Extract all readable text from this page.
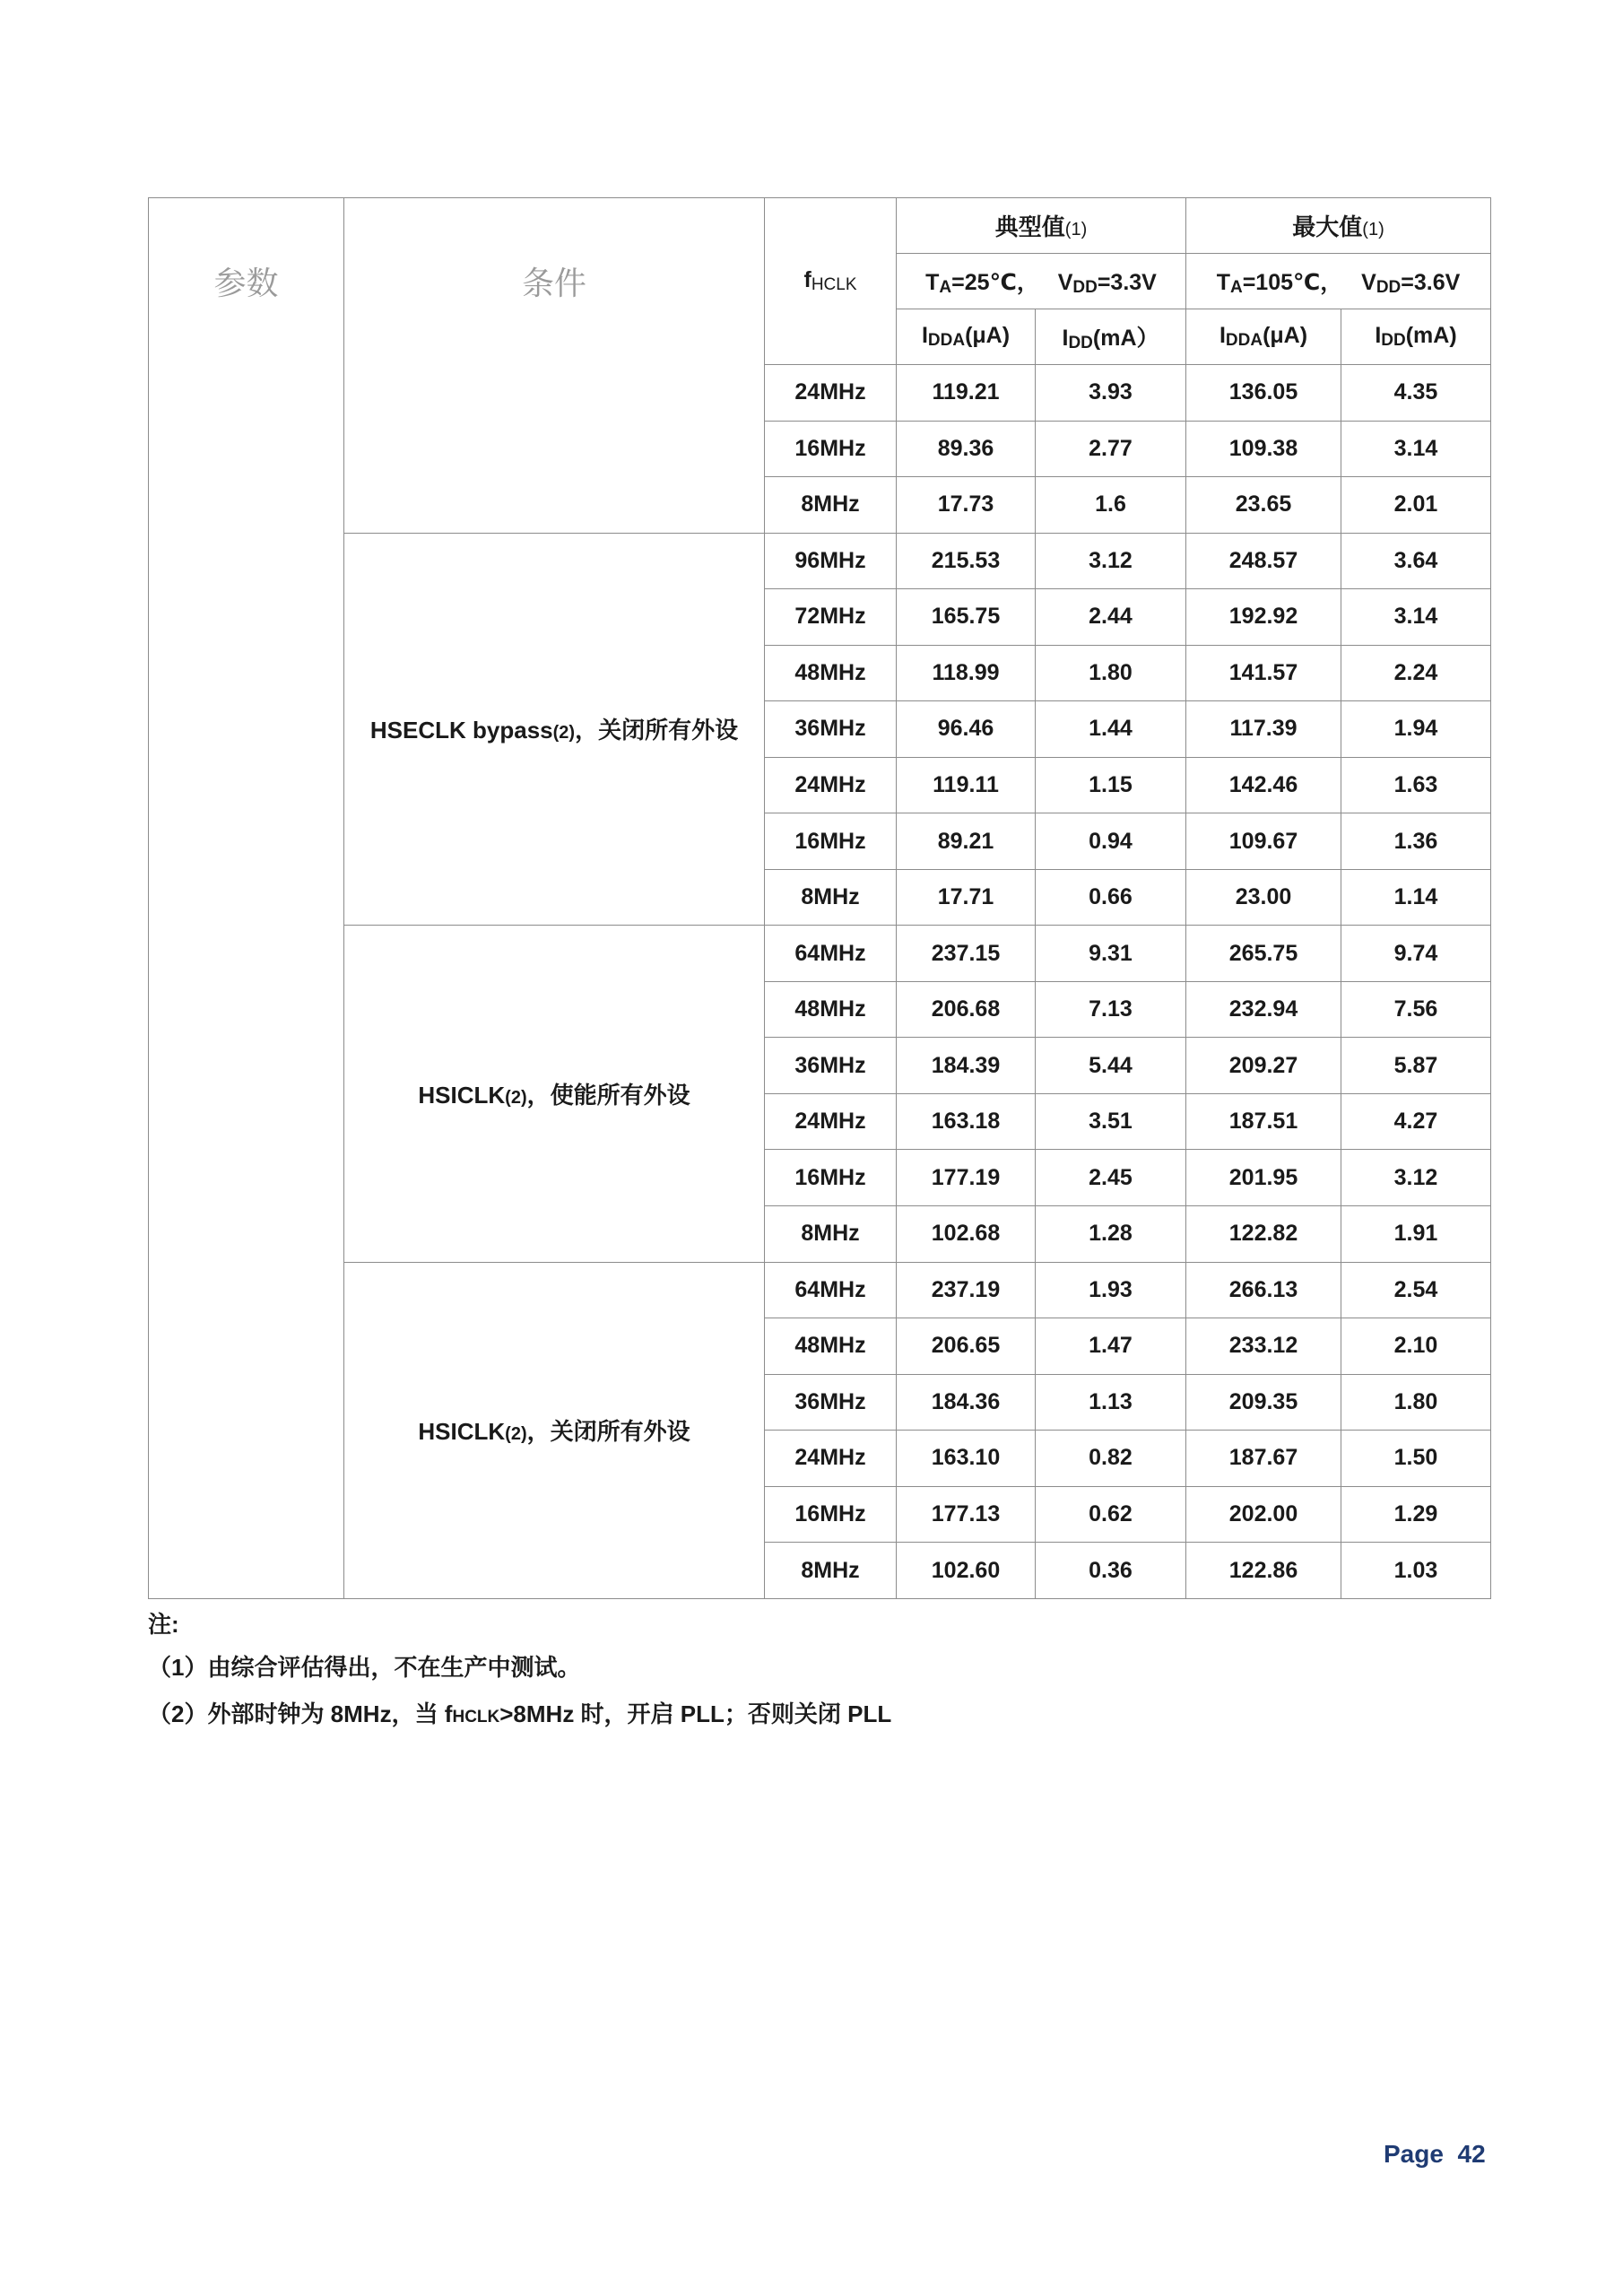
参数	条件	$f_{HCLK}$	典型值(1)		最大值(1)	
			$T_A=25℃$， $V_{DD}=3.3V$		$T_A=105℃$， $V_{DD}=3.6V$	
			$I_{DDA}(\mu A)$	$I_{DD}(mA)$	$I_{DDA}(\mu A)$	$I_{DD}(mA)$
		24MHz	119.21	3.93	136.05	4.35
		16MHz	89.36	2.77	109.38	3.14
		8MHz	17.73	1.6	23.65	2.01
	HSECLK bypass(2)，关闭所有外设	96MHz	215.53	3.12	248.57	3.64
		72MHz	165.75	2.44	192.92	3.14
		48MHz	118.99	1.80	141.57	2.24
		36MHz	96.46	1.44	117.39	1.94
		24MHz	119.11	1.15	142.46	1.63
		16MHz	89.21	0.94	109.67	1.36
		8MHz	17.71	0.66	23.00	1.14
	HSICLK(2)，使能所有外设	64MHz	237.15	9.31	265.75	9.74
		48MHz	206.68	7.13	232.94	7.56
		36MHz	184.39	5.44	209.27	5.87
		24MHz	163.18	3.51	187.51	4.27
		16MHz	177.19	2.45	201.95	3.12
		8MHz	102.68	1.28	122.82	1.91
	HSICLK(2)，关闭所有外设	64MHz	237.19	1.93	266.13	2.54
		48MHz	206.65	1.47	233.12	2.10
		36MHz	184.36	1.13	209.35	1.80
		24MHz	163.10	0.82	187.67	1.50
		16MHz	177.13	0.62	202.00	1.29
		8MHz	102.60	0.36	122.86	1.03
注:
（1）由综合评估得出，不在生产中测试。
（2）外部时钟为 8MHz，当 fHCLK>8MHz 时，开启 PLL；否则关闭 PLL
Page 42
